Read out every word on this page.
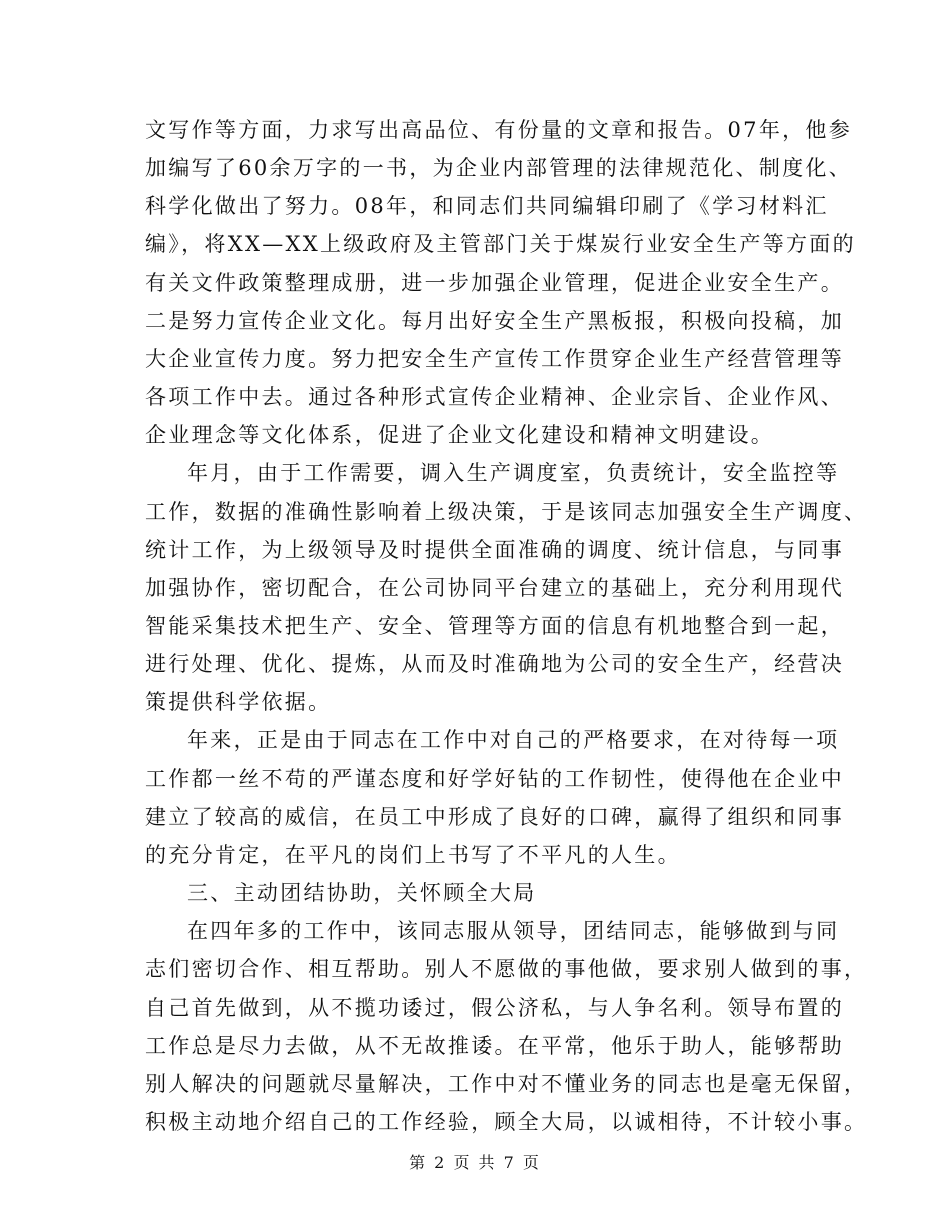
文写作等方面，力求写出高品位、有份量的文章和报告。07年，他参
加编写了60余万字的一书，为企业内部管理的法律规范化、制度化、
科学化做出了努力。08年，和同志们共同编辑印刷了《学习材料汇
编》，将XX—XX上级政府及主管部门关于煤炭行业安全生产等方面的
有关文件政策整理成册，进一步加强企业管理，促进企业安全生产。
二是努力宣传企业文化。每月出好安全生产黑板报，积极向投稿，加
大企业宣传力度。努力把安全生产宣传工作贯穿企业生产经营管理等
各项工作中去。通过各种形式宣传企业精神、企业宗旨、企业作风、
企业理念等文化体系，促进了企业文化建设和精神文明建设。
年月，由于工作需要，调入生产调度室，负责统计，安全监控等
工作，数据的准确性影响着上级决策，于是该同志加强安全生产调度、
统计工作，为上级领导及时提供全面准确的调度、统计信息，与同事
加强协作，密切配合，在公司协同平台建立的基础上，充分利用现代
智能采集技术把生产、安全、管理等方面的信息有机地整合到一起，
进行处理、优化、提炼，从而及时准确地为公司的安全生产，经营决
策提供科学依据。
年来，正是由于同志在工作中对自己的严格要求，在对待每一项
工作都一丝不苟的严谨态度和好学好钻的工作韧性，使得他在企业中
建立了较高的威信，在员工中形成了良好的口碑，赢得了组织和同事
的充分肯定，在平凡的岗们上书写了不平凡的人生。
三、主动团结协助，关怀顾全大局
在四年多的工作中，该同志服从领导，团结同志，能够做到与同
志们密切合作、相互帮助。别人不愿做的事他做，要求别人做到的事，
自己首先做到，从不揽功诿过，假公济私，与人争名利。领导布置的
工作总是尽力去做，从不无故推诿。在平常，他乐于助人，能够帮助
别人解决的问题就尽量解决，工作中对不懂业务的同志也是毫无保留，
积极主动地介绍自己的工作经验，顾全大局，以诚相待，不计较小事。
第 2 页 共 7 页
